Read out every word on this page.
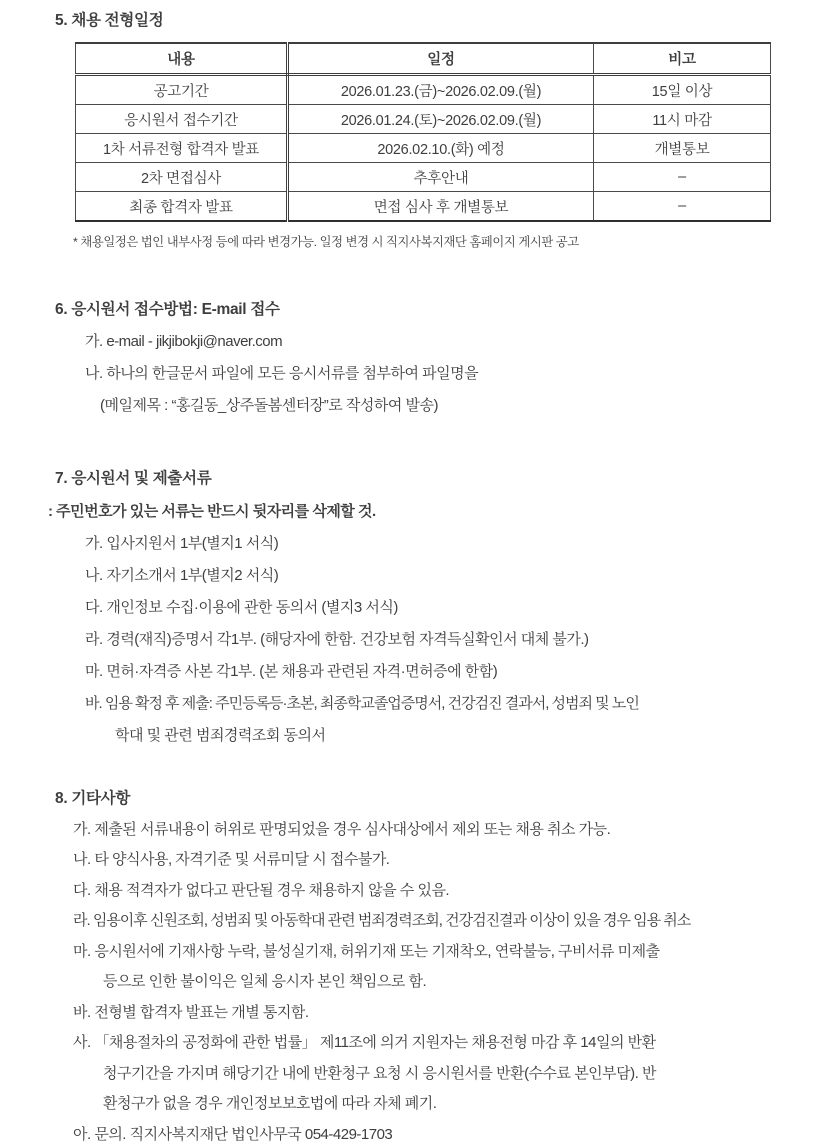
5. 채용 전형일정
내용	일정	비고
공고기간	2026.01.23.(금)~2026.02.09.(월)	15일 이상
응시원서 접수기간	2026.01.24.(토)~2026.02.09.(월)	11시 마감
1차 서류전형 합격자 발표	2026.02.10.(화) 예정	개별통보
2차 면접심사	추후안내	–
최종 합격자 발표	면접 심사 후 개별통보	–
* 채용일정은 법인 내부사정 등에 따라 변경가능. 일정 변경 시 직지사복지재단 홈페이지 게시판 공고
6. 응시원서 접수방법: E-mail 접수
가. e-mail - jikjibokji@naver.com
나. 하나의 한글문서 파일에 모든 응시서류를 첨부하여 파일명을
(메일제목 : “홍길동_상주돌봄센터장”로 작성하여 발송)
7. 응시원서 및 제출서류
: 주민번호가 있는 서류는 반드시 뒷자리를 삭제할 것.
가. 입사지원서 1부(별지1 서식)
나. 자기소개서 1부(별지2 서식)
다. 개인정보 수집·이용에 관한 동의서 (별지3 서식)
라. 경력(재직)증명서 각1부. (해당자에 한함. 건강보험 자격득실확인서 대체 불가.)
마. 면허·자격증 사본 각1부. (본 채용과 관련된 자격·면허증에 한함)
바. 임용 확정 후 제출: 주민등록등·초본, 최종학교졸업증명서, 건강검진 결과서, 성범죄 및 노인
학대 및 관련 범죄경력조회 동의서
8. 기타사항
가. 제출된 서류내용이 허위로 판명되었을 경우 심사대상에서 제외 또는 채용 취소 가능.
나. 타 양식사용, 자격기준 및 서류미달 시 접수불가.
다. 채용 적격자가 없다고 판단될 경우 채용하지 않을 수 있음.
라. 임용이후 신원조회, 성범죄 및 아동학대 관련 범죄경력조회, 건강검진결과 이상이 있을 경우 임용 취소
마. 응시원서에 기재사항 누락, 불성실기재, 허위기재 또는 기재착오, 연락불능, 구비서류 미제출
등으로 인한 불이익은 일체 응시자 본인 책임으로 함.
바. 전형별 합격자 발표는 개별 통지함.
사. 「채용절차의 공정화에 관한 법률」 제11조에 의거 지원자는 채용전형 마감 후 14일의 반환
청구기간을 가지며 해당기간 내에 반환청구 요청 시 응시원서를 반환(수수료 본인부담). 반
환청구가 없을 경우 개인정보보호법에 따라 자체 폐기.
아. 문의. 직지사복지재단 법인사무국 054-429-1703
